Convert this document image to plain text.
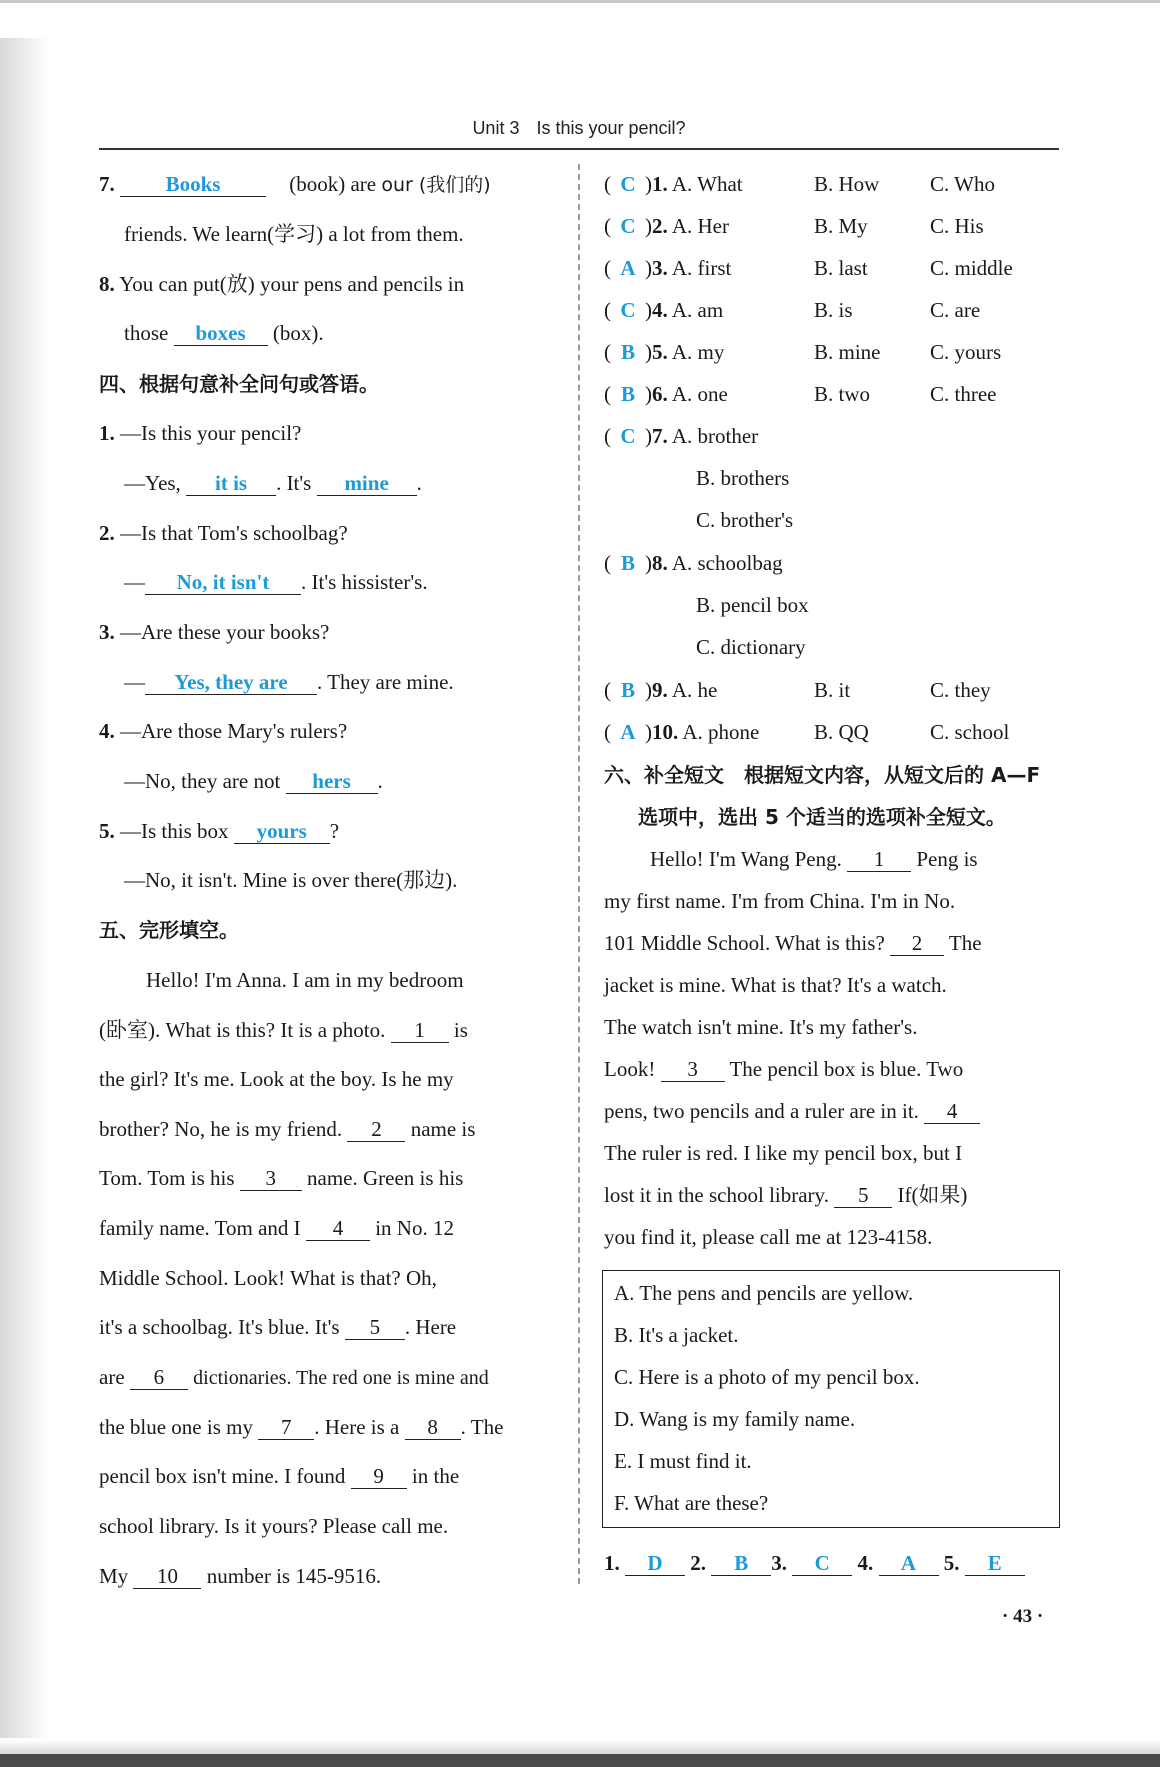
Unit 3 Is this your pencil?
7. Books	(book) are our (我们的)
friends. We learn(学习) a lot from them.
8. You can put(放) your pens and pencils in
those boxes (box).
四、根据句意补全问句或答语。
1. —Is this your pencil?
—Yes, it is . It's mine .
2. —Is that Tom's schoolbag?
— No, it isn't . It's hissister's.
3. —Are these your books?
— Yes, they are . They are mine.
4. —Are those Mary's rulers?
—No, they are not hers .
5. —Is this box yours ?
—No, it isn't. Mine is over there(那边).
五、完形填空。
Hello! I'm Anna. I am in my bedroom
(卧室). What is this? It is a photo. 1 is
the girl? It's me. Look at the boy. Is he my
brother? No, he is my friend. 2 name is
Tom. Tom is his 3 name. Green is his
family name. Tom and I 4 in No. 12
Middle School. Look! What is that? Oh,
it's a schoolbag. It's blue. It's 5 . Here
are 6 dictionaries. The red one is mine and
the blue one is my 7 . Here is a 8 . The
pencil box isn't mine. I found 9 in the
school library. Is it yours? Please call me.
My 10 number is 145-9516.
( C )1. A. What	B. How C. Who
( C )2. A. Her	B. My	C. His
( A )3. A. first	B. last	C. middle
( C )4. A. am	B. is	C. are
( B )5. A. my	B. mine C. yours
( B )6. A. one	B. two	C. three
( C )7. A. brother
B. brothers
C. brother's
( B )8. A. schoolbag
B. pencil box
C. dictionary
( B )9. A. he	B. it	C. they
( A )10. A. phone	B. QQ	C. school
六、补全短文　根据短文内容，从短文后的 A—F
选项中，选出 5 个适当的选项补全短文。
Hello! I'm Wang Peng. 1 Peng is
my first name. I'm from China. I'm in No.
101 Middle School. What is this? 2 The
jacket is mine. What is that? It's a watch.
The watch isn't mine. It's my father's.
Look! 3 The pencil box is blue. Two
pens, two pencils and a ruler are in it. 4
The ruler is red. I like my pencil box, but I
lost it in the school library. 5 If(如果)
you find it, please call me at 123-4158.
A. The pens and pencils are yellow.
B. It's a jacket.
C. Here is a photo of my pencil box.
D. Wang is my family name.
E. I must find it.
F. What are these?
1. D 2. B 3. C 4. A 5. E
· 43 ·
